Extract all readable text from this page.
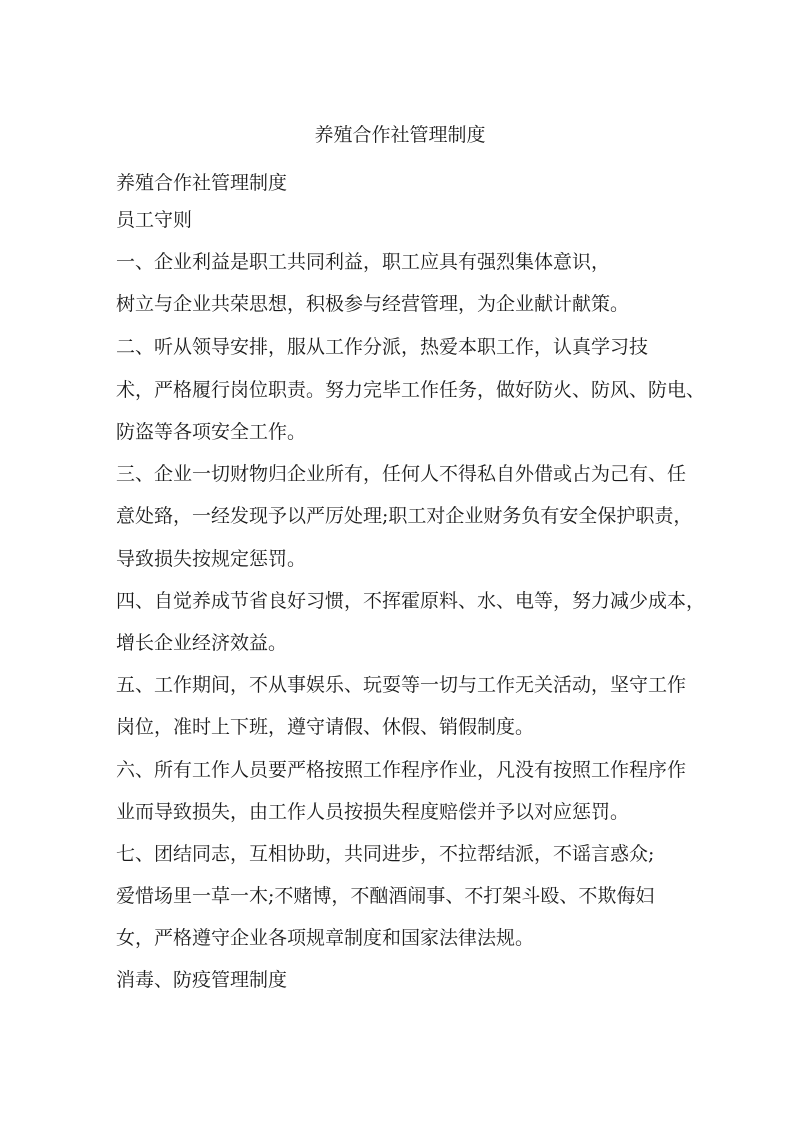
养殖合作社管理制度
养殖合作社管理制度
员工守则
一、企业利益是职工共同利益，职工应具有强烈集体意识，
树立与企业共荣思想，积极参与经营管理，为企业献计献策。
二、听从领导安排，服从工作分派，热爱本职工作，认真学习技
术，严格履行岗位职责。努力完毕工作任务，做好防火、防风、防电、
防盗等各项安全工作。
三、企业一切财物归企业所有，任何人不得私自外借或占为己有、任
意处臵，一经发现予以严厉处理;职工对企业财务负有安全保护职责，
导致损失按规定惩罚。
四、自觉养成节省良好习惯，不挥霍原料、水、电等，努力减少成本，
增长企业经济效益。
五、工作期间，不从事娱乐、玩耍等一切与工作无关活动，坚守工作
岗位，准时上下班，遵守请假、休假、销假制度。
六、所有工作人员要严格按照工作程序作业，凡没有按照工作程序作
业而导致损失，由工作人员按损失程度赔偿并予以对应惩罚。
七、团结同志，互相协助，共同进步，不拉帮结派，不谣言惑众;
爱惜场里一草一木;不赌博，不酗酒闹事、不打架斗殴、不欺侮妇
女，严格遵守企业各项规章制度和国家法律法规。
消毒、防疫管理制度
